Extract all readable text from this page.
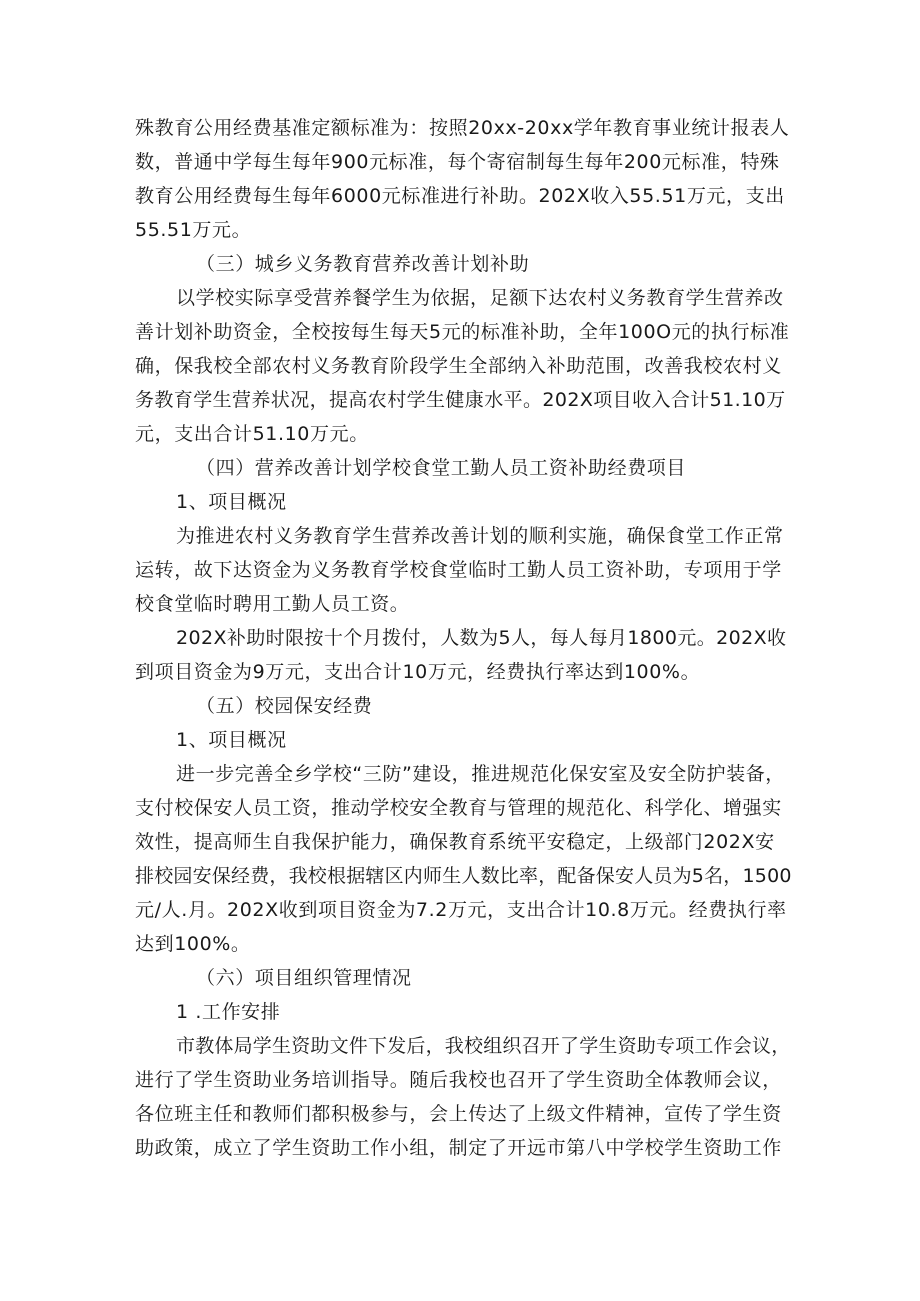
殊教育公用经费基准定额标准为：按照20xx-20xx学年教育事业统计报表人
数，普通中学每生每年900元标准，每个寄宿制每生每年200元标准，特殊
教育公用经费每生每年6000元标准进行补助。202X收入55.51万元，支出
55.51万元。
（三）城乡义务教育营养改善计划补助
以学校实际享受营养餐学生为依据，足额下达农村义务教育学生营养改
善计划补助资金，全校按每生每天5元的标准补助，全年100O元的执行标准
确，保我校全部农村义务教育阶段学生全部纳入补助范围，改善我校农村义
务教育学生营养状况，提高农村学生健康水平。202X项目收入合计51.10万
元，支出合计51.10万元。
（四）营养改善计划学校食堂工勤人员工资补助经费项目
1、项目概况
为推进农村义务教育学生营养改善计划的顺利实施，确保食堂工作正常
运转，故下达资金为义务教育学校食堂临时工勤人员工资补助，专项用于学
校食堂临时聘用工勤人员工资。
202X补助时限按十个月拨付，人数为5人，每人每月1800元。202X收
到项目资金为9万元，支出合计10万元，经费执行率达到100%。
（五）校园保安经费
1、项目概况
进一步完善全乡学校“三防”建设，推进规范化保安室及安全防护装备，
支付校保安人员工资，推动学校安全教育与管理的规范化、科学化、增强实
效性，提高师生自我保护能力，确保教育系统平安稳定，上级部门202X安
排校园安保经费，我校根据辖区内师生人数比率，配备保安人员为5名，1500
元/人.月。202X收到项目资金为7.2万元，支出合计10.8万元。经费执行率
达到100%。
（六）项目组织管理情况
1 .工作安排
市教体局学生资助文件下发后，我校组织召开了学生资助专项工作会议，
进行了学生资助业务培训指导。随后我校也召开了学生资助全体教师会议，
各位班主任和教师们都积极参与，会上传达了上级文件精神，宣传了学生资
助政策，成立了学生资助工作小组，制定了开远市第八中学校学生资助工作
